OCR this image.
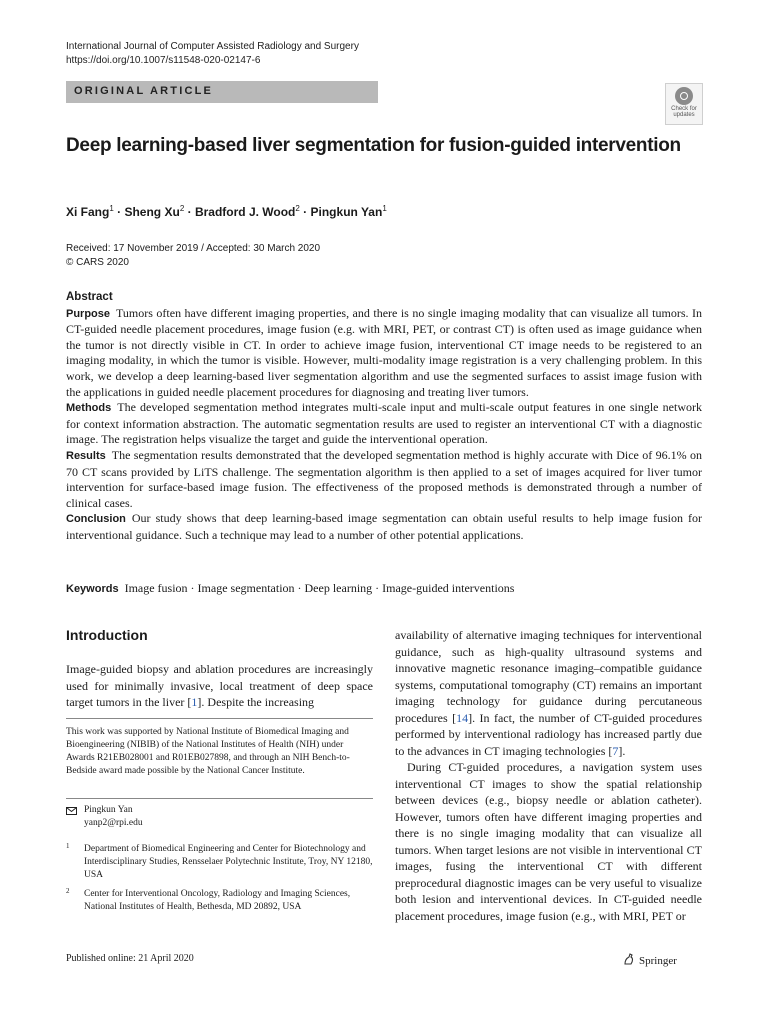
International Journal of Computer Assisted Radiology and Surgery
https://doi.org/10.1007/s11548-020-02147-6
ORIGINAL ARTICLE
Check for
updates
Deep learning-based liver segmentation for fusion-guided intervention
Xi Fang$^1$ · Sheng $Xu^2$ · Bradford J. Wood$^2$ · Pingkun Yan$^1$
Received: 17 November 2019 / Accepted: 30 March 2020
© CARS 2020
Abstract

Purpose Tumors often have different imaging properties, and there is no single imaging modality that can visualize all tumors. In CT-guided needle placement procedures, image fusion (e.g. with MRI, PET, or contrast CT) is often used as image guidance when the tumor is not directly visible in CT. In order to achieve image fusion, interventional CT image needs to be registered to an imaging modality, in which the tumor is visible. However, multi-modality image registration is a very challenging problem. In this work, we develop a deep learning-based liver segmentation algorithm and use the segmented surfaces to assist image fusion with the applications in guided needle placement procedures for diagnosing and treating liver tumors.

Methods The developed segmentation method integrates multi-scale input and multi-scale output features in one single network for context information abstraction. The automatic segmentation results are used to register an interventional CT with a diagnostic image. The registration helps visualize the target and guide the interventional operation.

Results The segmentation results demonstrated that the developed segmentation method is highly accurate with Dice of 96.1% on 70 CT scans provided by LiTS challenge. The segmentation algorithm is then applied to a set of images acquired for liver tumor intervention for surface-based image fusion. The effectiveness of the proposed methods is demonstrated through a number of clinical cases.

Conclusion Our study shows that deep learning-based image segmentation can obtain useful results to help image fusion for interventional guidance. Such a technique may lead to a number of other potential applications.

Keywords Image fusion · Image segmentation · Deep learning · Image-guided interventions
Introduction
Image-guided biopsy and ablation procedures are increasingly used for minimally invasive, local treatment of deep space target tumors in the liver [1]. Despite the increasing
This work was supported by National Institute of Biomedical Imaging and Bioengineering (NIBIB) of the National Institutes of Health (NIH) under Awards R21EB028001 and R01EB027898, and through an NIH Bench-to-Bedside award made possible by the National Cancer Institute.
Pingkun Yan
yanp2@rpi.edu
1 Department of Biomedical Engineering and Center for Biotechnology and Interdisciplinary Studies, Rensselaer Polytechnic Institute, Troy, NY 12180, USA
2 Center for Interventional Oncology, Radiology and Imaging Sciences, National Institutes of Health, Bethesda, MD 20892, USA

availability of alternative imaging techniques for interventional guidance, such as high-quality ultrasound systems and innovative magnetic resonance imaging–compatible guidance systems, computational tomography (CT) remains an important imaging technology for guidance during percutaneous procedures [14]. In fact, the number of CT-guided procedures performed by interventional radiology has increased partly due to the advances in CT imaging technologies [7].

During CT-guided procedures, a navigation system uses interventional CT images to show the spatial relationship between devices (e.g., biopsy needle or ablation catheter). However, tumors often have different imaging properties and there is no single imaging modality that can visualize all tumors. When target lesions are not visible in interventional CT images, fusing the interventional CT with different preprocedural diagnostic images can be very useful to visualize both lesion and interventional devices. In CT-guided needle placement procedures, image fusion (e.g., with MRI, PET or

Published online: 21 April 2020	Springer
